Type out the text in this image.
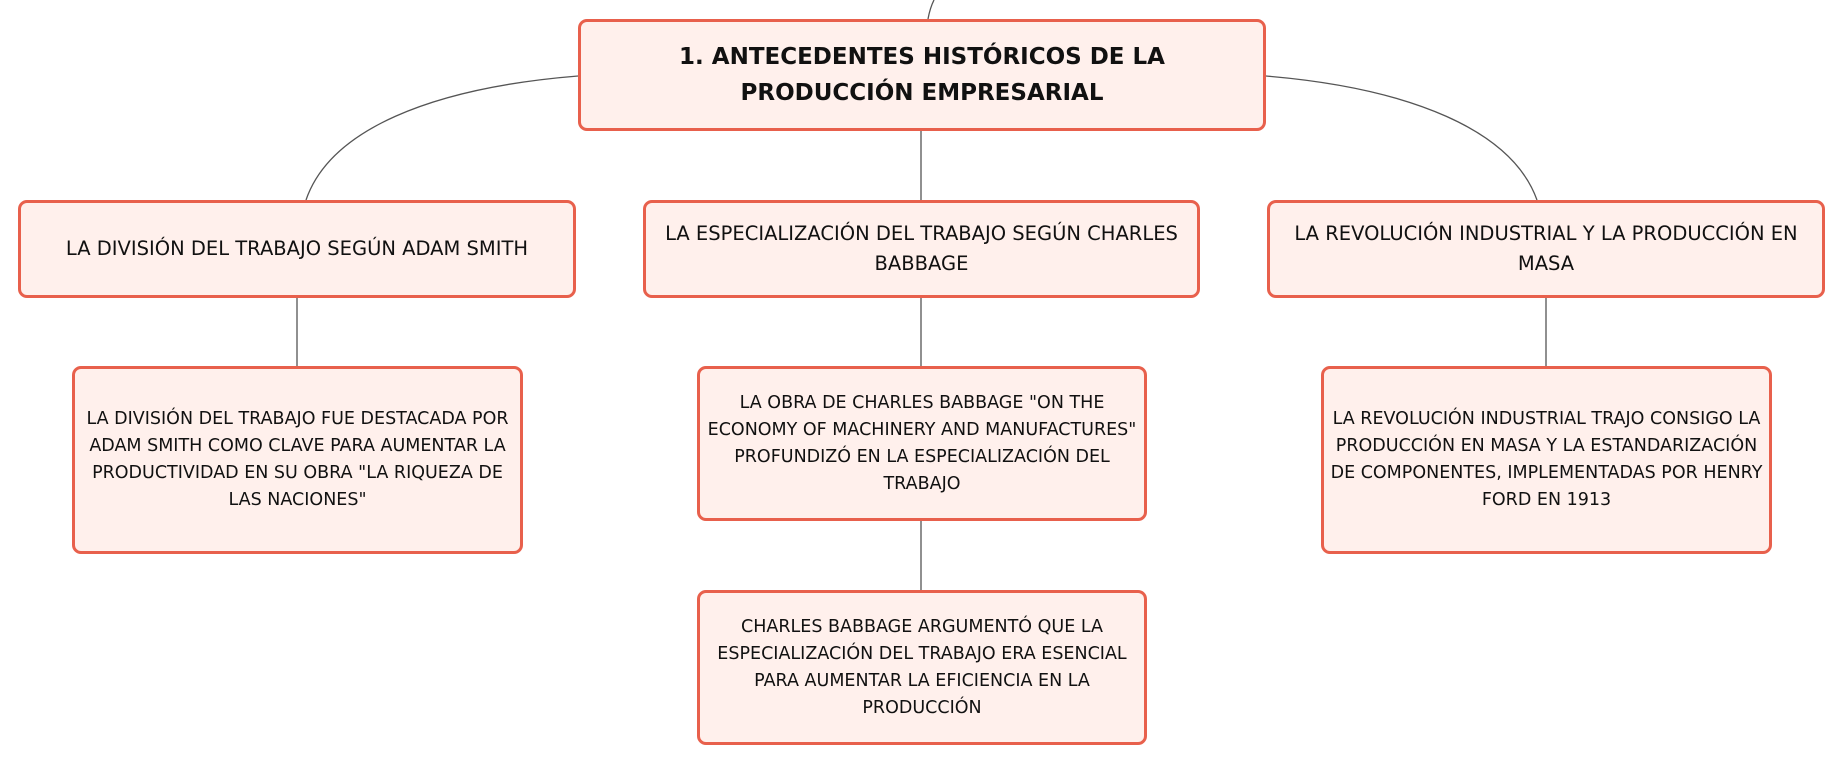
1. ANTECEDENTES HISTÓRICOS DE LA PRODUCCIÓN EMPRESARIAL
LA DIVISIÓN DEL TRABAJO SEGÚN ADAM SMITH
LA ESPECIALIZACIÓN DEL TRABAJO SEGÚN CHARLES BABBAGE
LA REVOLUCIÓN INDUSTRIAL Y LA PRODUCCIÓN EN MASA
LA DIVISIÓN DEL TRABAJO FUE DESTACADA POR ADAM SMITH COMO CLAVE PARA AUMENTAR LA PRODUCTIVIDAD EN SU OBRA "LA RIQUEZA DE LAS NACIONES"
LA OBRA DE CHARLES BABBAGE "ON THE ECONOMY OF MACHINERY AND MANUFACTURES" PROFUNDIZÓ EN LA ESPECIALIZACIÓN DEL TRABAJO
CHARLES BABBAGE ARGUMENTÓ QUE LA ESPECIALIZACIÓN DEL TRABAJO ERA ESENCIAL PARA AUMENTAR LA EFICIENCIA EN LA PRODUCCIÓN
LA REVOLUCIÓN INDUSTRIAL TRAJO CONSIGO LA PRODUCCIÓN EN MASA Y LA ESTANDARIZACIÓN DE COMPONENTES, IMPLEMENTADAS POR HENRY FORD EN 1913
